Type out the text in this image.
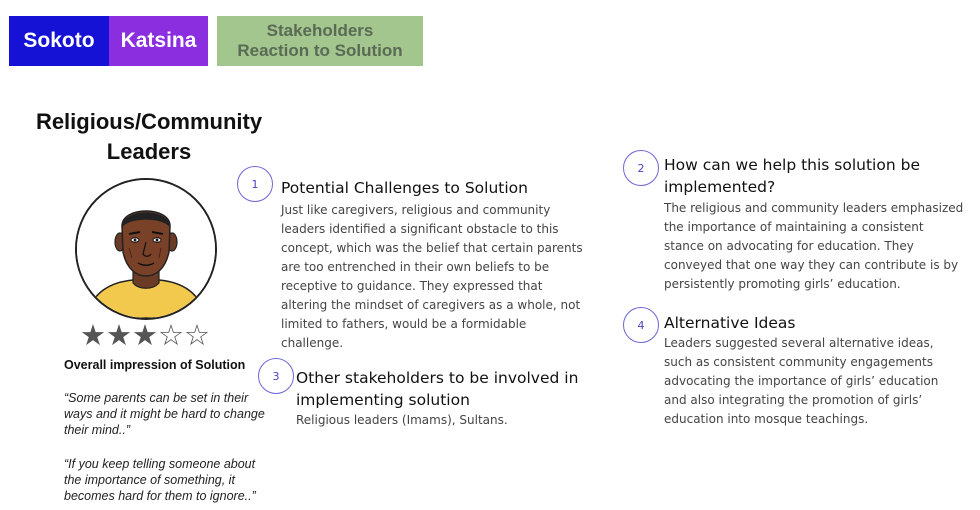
Sokoto Katsina	Stakeholders
Reaction to Solution
Religious/Community
Leaders
★★★☆☆
Overall impression of Solution
“Some parents can be set in their ways and it might be hard to change their mind..”
“If you keep telling someone about the importance of something, it becomes hard for them to ignore..”
1	Potential Challenges to Solution
Just like caregivers, religious and community leaders identified a significant obstacle to this concept, which was the belief that certain parents are too entrenched in their own beliefs to be receptive to guidance. They expressed that altering the mindset of caregivers as a whole, not limited to fathers, would be a formidable challenge.
3	Other stakeholders to be involved in implementing solution
Religious leaders (Imams), Sultans.
2	How can we help this solution be implemented?
The religious and community leaders emphasized the importance of maintaining a consistent stance on advocating for education. They conveyed that one way they can contribute is by persistently promoting girls’ education.
4	Alternative Ideas
Leaders suggested several alternative ideas, such as consistent community engagements advocating the importance of girls’ education and also integrating the promotion of girls’ education into mosque teachings.
